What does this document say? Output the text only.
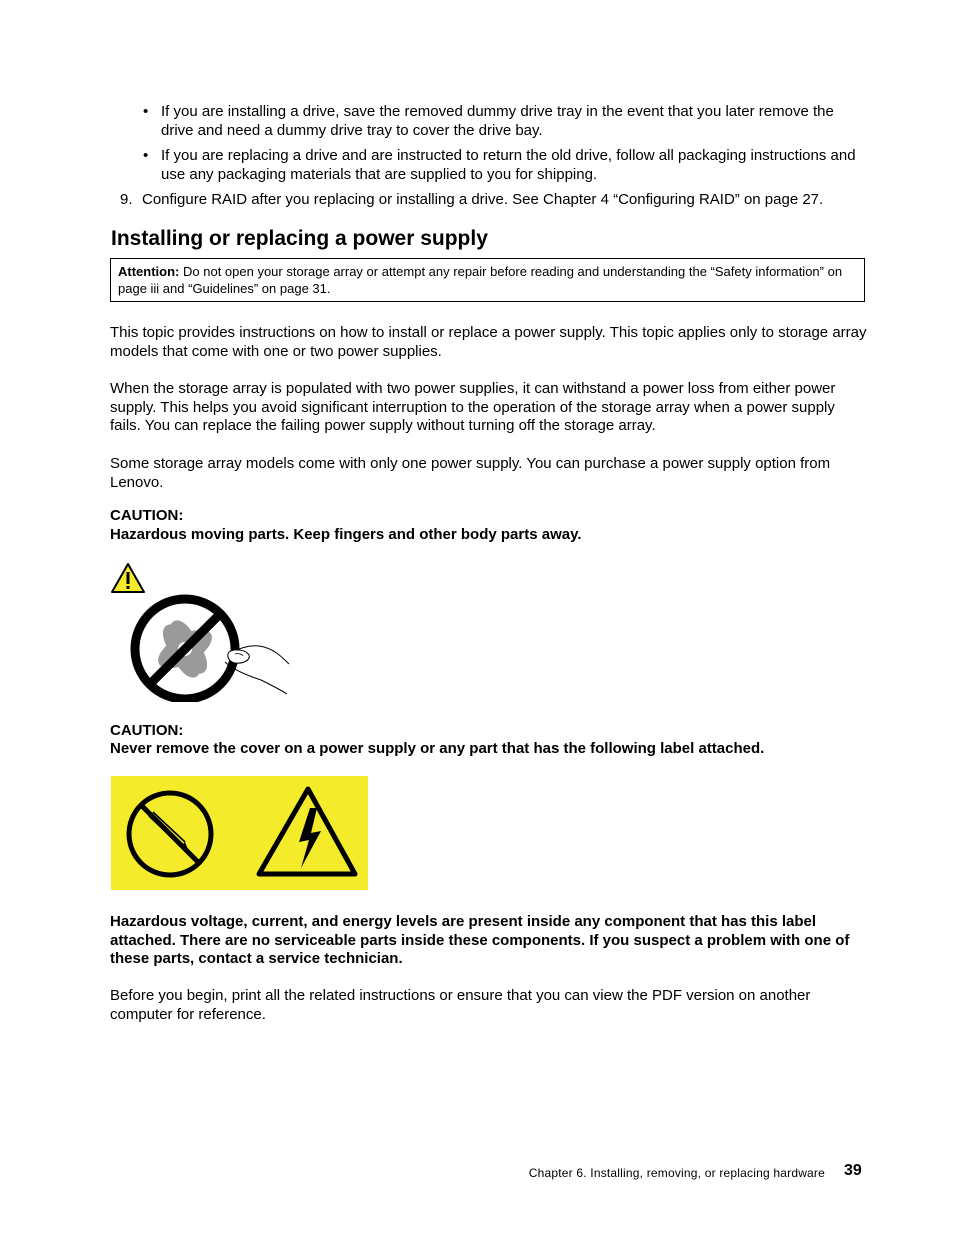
• If you are installing a drive, save the removed dummy drive tray in the event that you later remove the drive and need a dummy drive tray to cover the drive bay.
• If you are replacing a drive and are instructed to return the old drive, follow all packaging instructions and use any packaging materials that are supplied to you for shipping.
9. Configure RAID after you replacing or installing a drive. See Chapter 4 “Configuring RAID” on page 27.
Installing or replacing a power supply
Attention: Do not open your storage array or attempt any repair before reading and understanding the “Safety information” on page iii and “Guidelines” on page 31.
This topic provides instructions on how to install or replace a power supply. This topic applies only to storage array models that come with one or two power supplies.
When the storage array is populated with two power supplies, it can withstand a power loss from either power supply. This helps you avoid significant interruption to the operation of the storage array when a power supply fails. You can replace the failing power supply without turning off the storage array.
Some storage array models come with only one power supply. You can purchase a power supply option from Lenovo.
CAUTION:
Hazardous moving parts. Keep fingers and other body parts away.
CAUTION:
Never remove the cover on a power supply or any part that has the following label attached.
Hazardous voltage, current, and energy levels are present inside any component that has this label attached. There are no serviceable parts inside these components. If you suspect a problem with one of these parts, contact a service technician.
Before you begin, print all the related instructions or ensure that you can view the PDF version on another computer for reference.
Chapter 6. Installing, removing, or replacing hardware 39
